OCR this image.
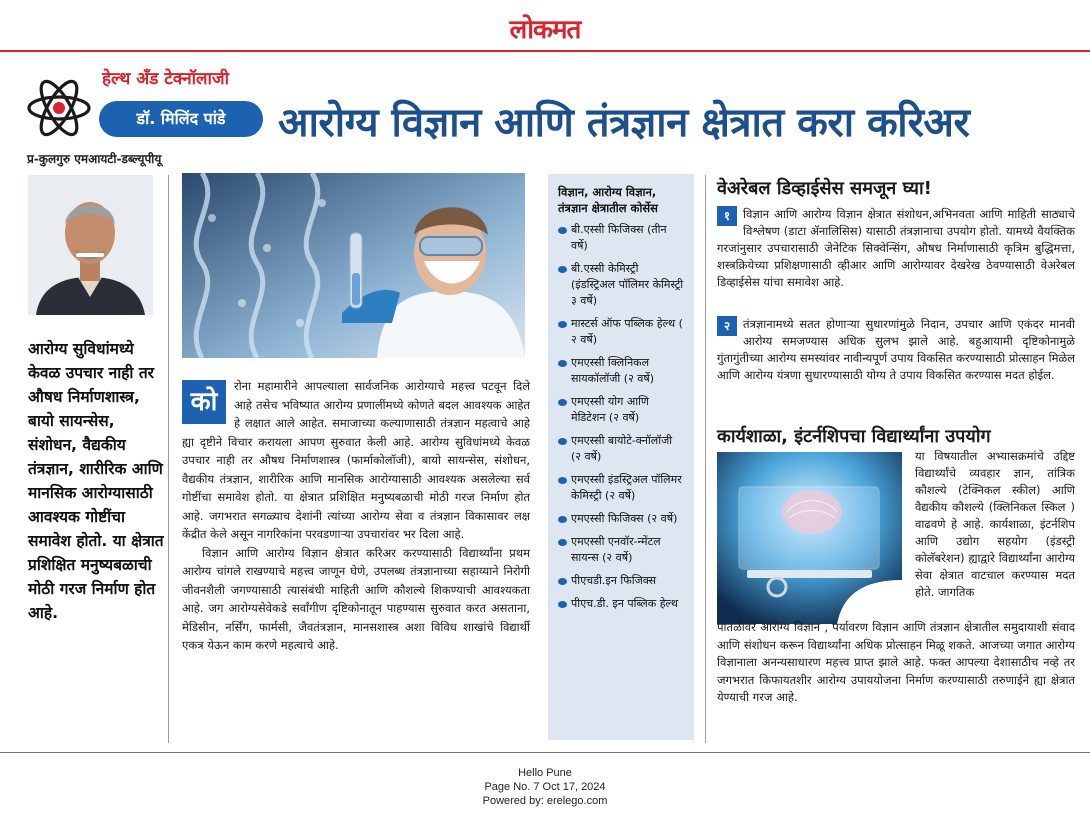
लोकमत
हेल्थ अँड टेक्नॉलाजी
डॉ. मिलिंद पांडे	आरोग्य विज्ञान आणि तंत्रज्ञान क्षेत्रात करा करिअर
प्र-कुलगुरु एमआयटी-डब्ल्यूपीयू
आरोग्य सुविधांमध्ये केवळ उपचार नाही तर औषध निर्माणशास्त्र, बायो सायन्सेस, संशोधन, वैद्यकीय तंत्रज्ञान, शारीरिक आणि मानसिक आरोग्यासाठी आवश्यक गोष्टींचा समावेश होतो. या क्षेत्रात प्रशिक्षित मनुष्यबळाची मोठी गरज निर्माण होत आहे.
को

रोना महामारीने आपल्याला सार्वजनिक आरोग्याचे महत्त्व पटवून दिले आहे तसेच भविष्यात आरोग्य प्रणालींमध्ये कोणते बदल आवश्यक आहेत हे लक्षात आले आहेत. समाजाच्या कल्याणासाठी तंत्रज्ञान महत्वाचे आहे ह्या दृष्टीने विचार करायला आपण सुरुवात केली आहे. आरोग्य सुविधांमध्ये केवळ उपचार नाही तर औषध निर्माणशास्त्र (फार्माकोलॉजी), बायो सायन्सेस, संशोधन, वैद्यकीय तंत्रज्ञान, शारीरिक आणि मानसिक आरोग्यासाठी आवश्यक असलेल्या सर्व गोष्टींचा समावेश होतो. या क्षेत्रात प्रशिक्षित मनुष्यबळाची मोठी गरज निर्माण होत आहे. जगभरात सगळ्याच देशांनी त्यांच्या आरोग्य सेवा व तंत्रज्ञान विकासावर लक्ष केंद्रीत केले असून नागरिकांना परवडणाऱ्या उपचारांवर भर दिला आहे.

विज्ञान आणि आरोग्य विज्ञान क्षेत्रात करिअर करण्यासाठी विद्यार्थ्यांना प्रथम आरोग्य चांगले राखण्याचे महत्त्व जाणून घेणे, उपलब्ध तंत्रज्ञानाच्या सहाय्याने निरोगी जीवनशैली जगण्यासाठी त्यासंबंधी माहिती आणि कौशल्ये शिकण्याची आवश्यकता आहे. जग आरोग्यसेवेकडे सर्वांगीण दृष्टिकोनातून पाहण्यास सुरुवात करत असताना, मेडिसीन, नर्सिंग, फार्मसी, जैवतंत्रज्ञान, मानसशास्त्र अशा विविध शाखांचे विद्यार्थी एकत्र येऊन काम करणे महत्वाचे आहे.

विज्ञान, आरोग्य विज्ञान, तंत्रज्ञान क्षेत्रातील कोर्सेस
बी.एस्सी फिजिक्स (तीन वर्षे)
बी.एस्सी केमिस्ट्री (इंडस्ट्रिअल पॉलिमर केमिस्ट्री ३ वर्षे)
मास्टर्स ऑफ पब्लिक हेल्थ ( २ वर्षे)
एमएस्सी क्लिनिकल सायकॉलॉजी (२ वर्षे)
एमएस्सी योग आणि मेडिटेशन (२ वर्षे)
एमएस्सी बायोटे-क्नॉलॉजी (२ वर्षे)
एमएस्सी इंडस्ट्रिअल पॉलिमर केमिस्ट्री (२ वर्षे)
एमएस्सी फिजिक्स (२ वर्षे)
एमएस्सी एनवॉर-न्मेंटल सायन्स (२ वर्षे)
पीएचडी.इन फिजिक्स
पीएच.डी. इन पब्लिक हेल्थ
वेअरेबल डिव्हाईसेस समजून घ्या!
१	विज्ञान आणि आरोग्य विज्ञान क्षेत्रात संशोधन,अभिनवता आणि माहिती साठ्याचे विश्लेषण (डाटा ॲनालिसिस) यासाठी तंत्रज्ञानाचा उपयोग होतो. यामध्ये वैयक्तिक गरजांनुसार उपचारासाठी जेनेटिक सिक्वेन्सिंग, औषध निर्माणासाठी कृत्रिम बुद्धिमत्ता, शस्त्रक्रियेच्या प्रशिक्षणासाठी व्हीआर आणि आरोग्यावर देखरेख ठेवण्यासाठी वेअरेबल डिव्हाईसेस यांचा समावेश आहे.
२	तंत्रज्ञानामध्ये सतत होणाऱ्या सुधारणांमुळे निदान, उपचार आणि एकंदर मानवी आरोग्य समजण्यास अधिक सुलभ झाले आहे. बहुआयामी दृष्टिकोनामुळे गुंतागुंतीच्या आरोग्य समस्यांवर नावीन्यपूर्ण उपाय विकसित करण्यासाठी प्रोत्साहन मिळेल आणि आरोग्य यंत्रणा सुधारण्यासाठी योग्य ते उपाय विकसित करण्यास मदत होईल.
कार्यशाळा, इंटर्नशिपचा विद्यार्थ्यांना उपयोग
या विषयातील अभ्यासक्रमांचे उद्दिष्ट विद्यार्थ्यांचे व्यवहार ज्ञान, तांत्रिक कौशल्ये (टेक्निकल स्कील) आणि वैद्यकीय कौशल्ये (क्लिनिकल स्किल ) वाढवणे हे आहे. कार्यशाळा, इंटर्नशिप आणि उद्योग सहयोग (इंडस्ट्री कोलॅबरेशन) ह्याद्वारे विद्यार्थ्यांना आरोग्य सेवा क्षेत्रात वाटचाल करण्यास मदत होते. जागतिक
पातळीवर आरोग्य विज्ञान , पर्यावरण विज्ञान आणि तंत्रज्ञान क्षेत्रातील समुदायाशी संवाद आणि संशोधन करून विद्यार्थ्यांना अधिक प्रोत्साहन मिळू शकते. आजच्या जगात आरोग्य विज्ञानाला अनन्यसाधारण महत्त्व प्राप्त झाले आहे. फक्त आपल्या देशासाठीच नव्हे तर जगभरात किफायतशीर आरोग्य उपाययोजना निर्माण करण्यासाठी तरुणाईने ह्या क्षेत्रात येण्याची गरज आहे.
Hello Pune
Page No. 7 Oct 17, 2024
Powered by: erelego.com
